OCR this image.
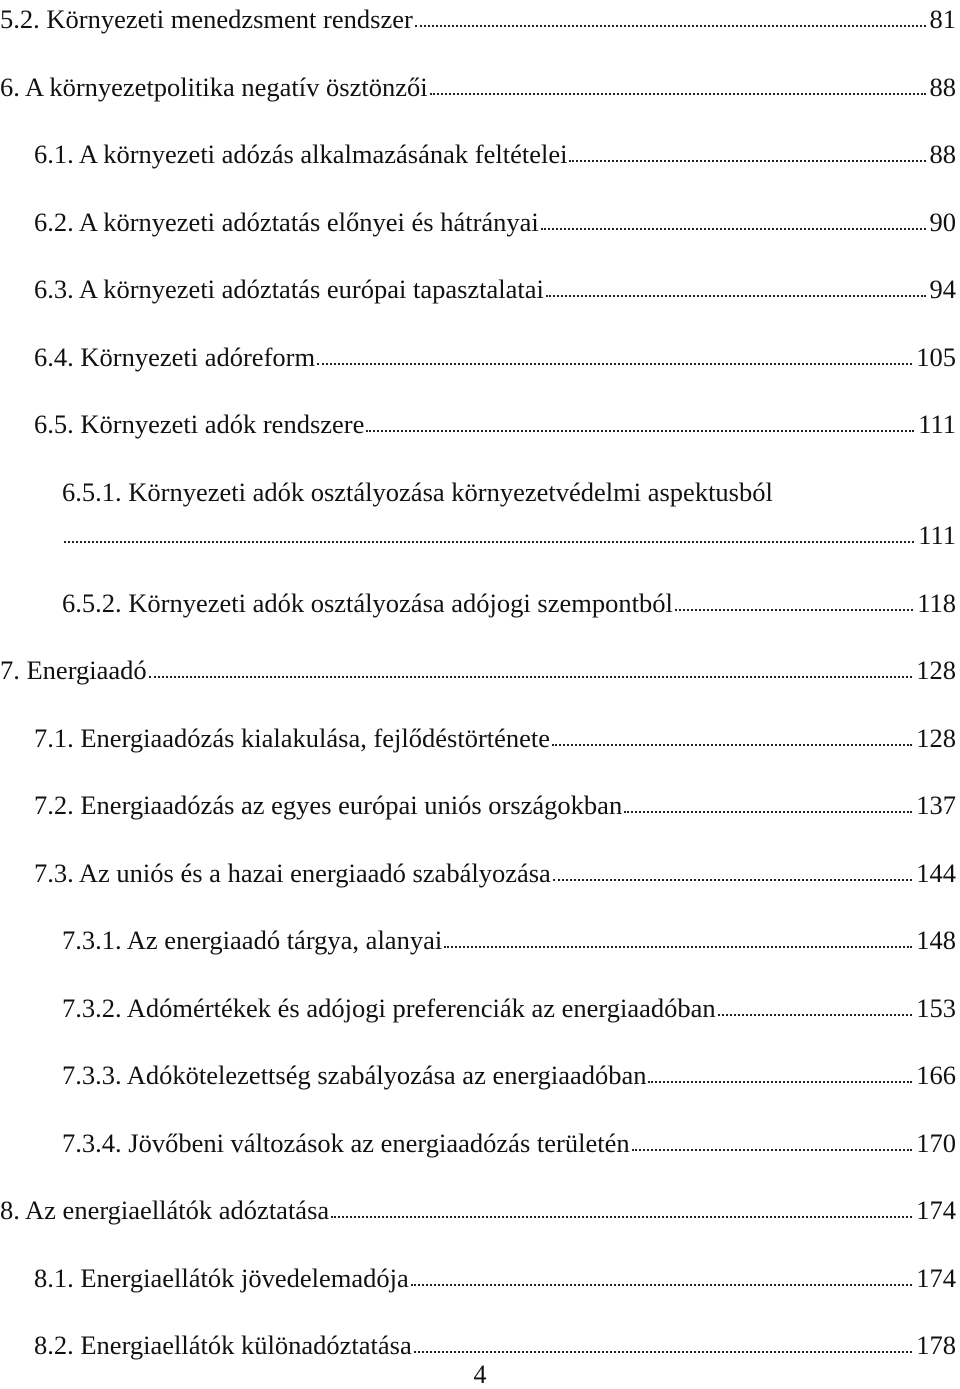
5.2. Környezeti menedzsment rendszer	81
6. A környezetpolitika negatív ösztönzői	88
6.1. A környezeti adózás alkalmazásának feltételei	88
6.2. A környezeti adóztatás előnyei és hátrányai	90
6.3. A környezeti adóztatás európai tapasztalatai	94
6.4. Környezeti adóreform	105
6.5. Környezeti adók rendszere	111
6.5.1. Környezeti adók osztályozása környezetvédelmi aspektusból
111
6.5.2. Környezeti adók osztályozása adójogi szempontból	118
7. Energiaadó	128
7.1. Energiaadózás kialakulása, fejlődéstörténete	128
7.2. Energiaadózás az egyes európai uniós országokban	137
7.3. Az uniós és a hazai energiaadó szabályozása	144
7.3.1. Az energiaadó tárgya, alanyai	148
7.3.2. Adómértékek és adójogi preferenciák az energiaadóban	153
7.3.3. Adókötelezettség szabályozása az energiaadóban	166
7.3.4. Jövőbeni változások az energiaadózás területén	170
8. Az energiaellátók adóztatása	174
8.1. Energiaellátók jövedelemadója	174
8.2. Energiaellátók különadóztatása	178
4
